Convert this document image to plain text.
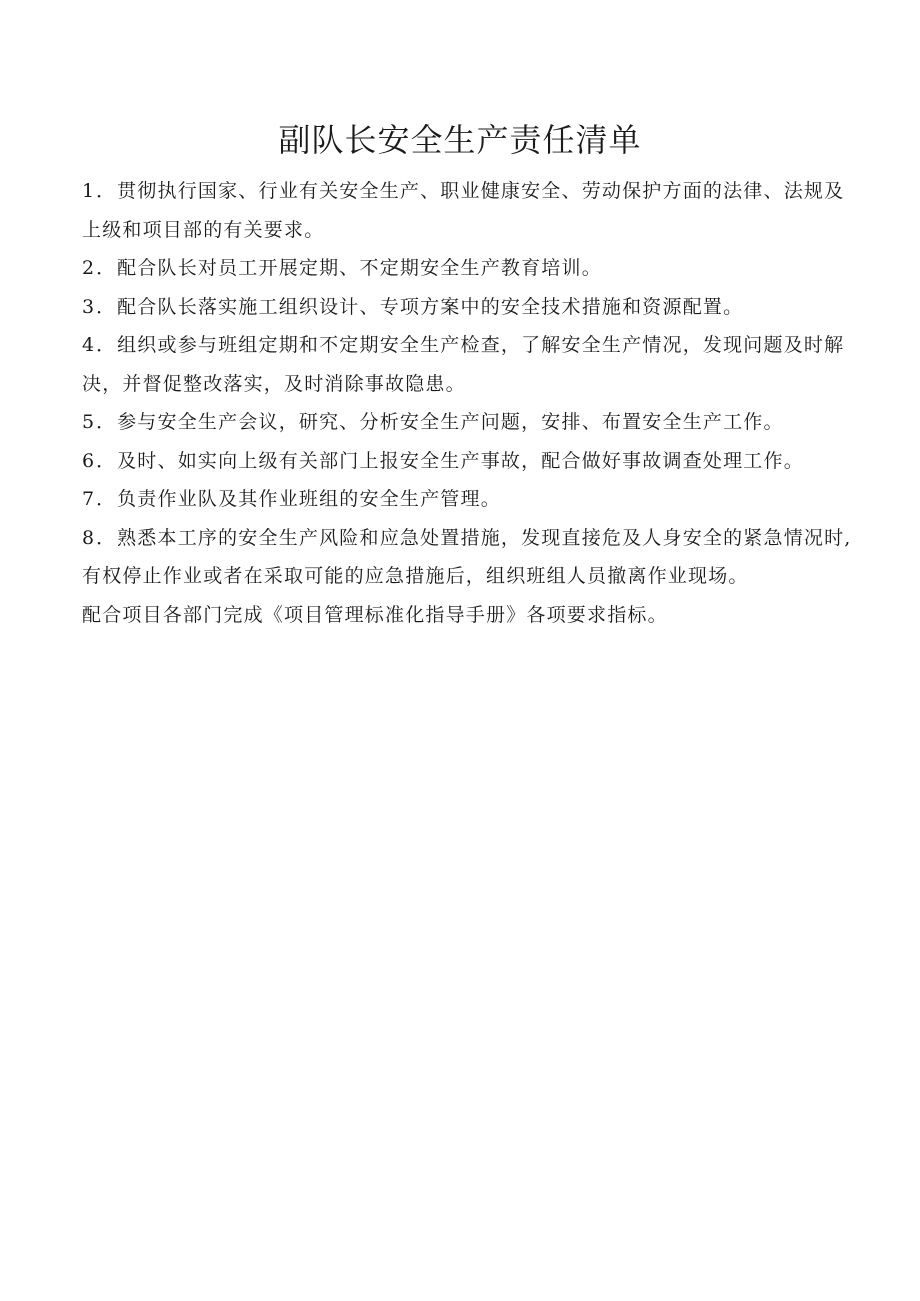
副队长安全生产责任清单

1．贯彻执行国家、行业有关安全生产、职业健康安全、劳动保护方面的法律、法规及上级和项目部的有关要求。

2．配合队长对员工开展定期、不定期安全生产教育培训。

3．配合队长落实施工组织设计、专项方案中的安全技术措施和资源配置。

4．组织或参与班组定期和不定期安全生产检查，了解安全生产情况，发现问题及时解决，并督促整改落实，及时消除事故隐患。

5．参与安全生产会议，研究、分析安全生产问题，安排、布置安全生产工作。

6．及时、如实向上级有关部门上报安全生产事故，配合做好事故调查处理工作。

7．负责作业队及其作业班组的安全生产管理。

8．熟悉本工序的安全生产风险和应急处置措施，发现直接危及人身安全的紧急情况时,有权停止作业或者在采取可能的应急措施后，组织班组人员撤离作业现场。

配合项目各部门完成《项目管理标准化指导手册》各项要求指标。
